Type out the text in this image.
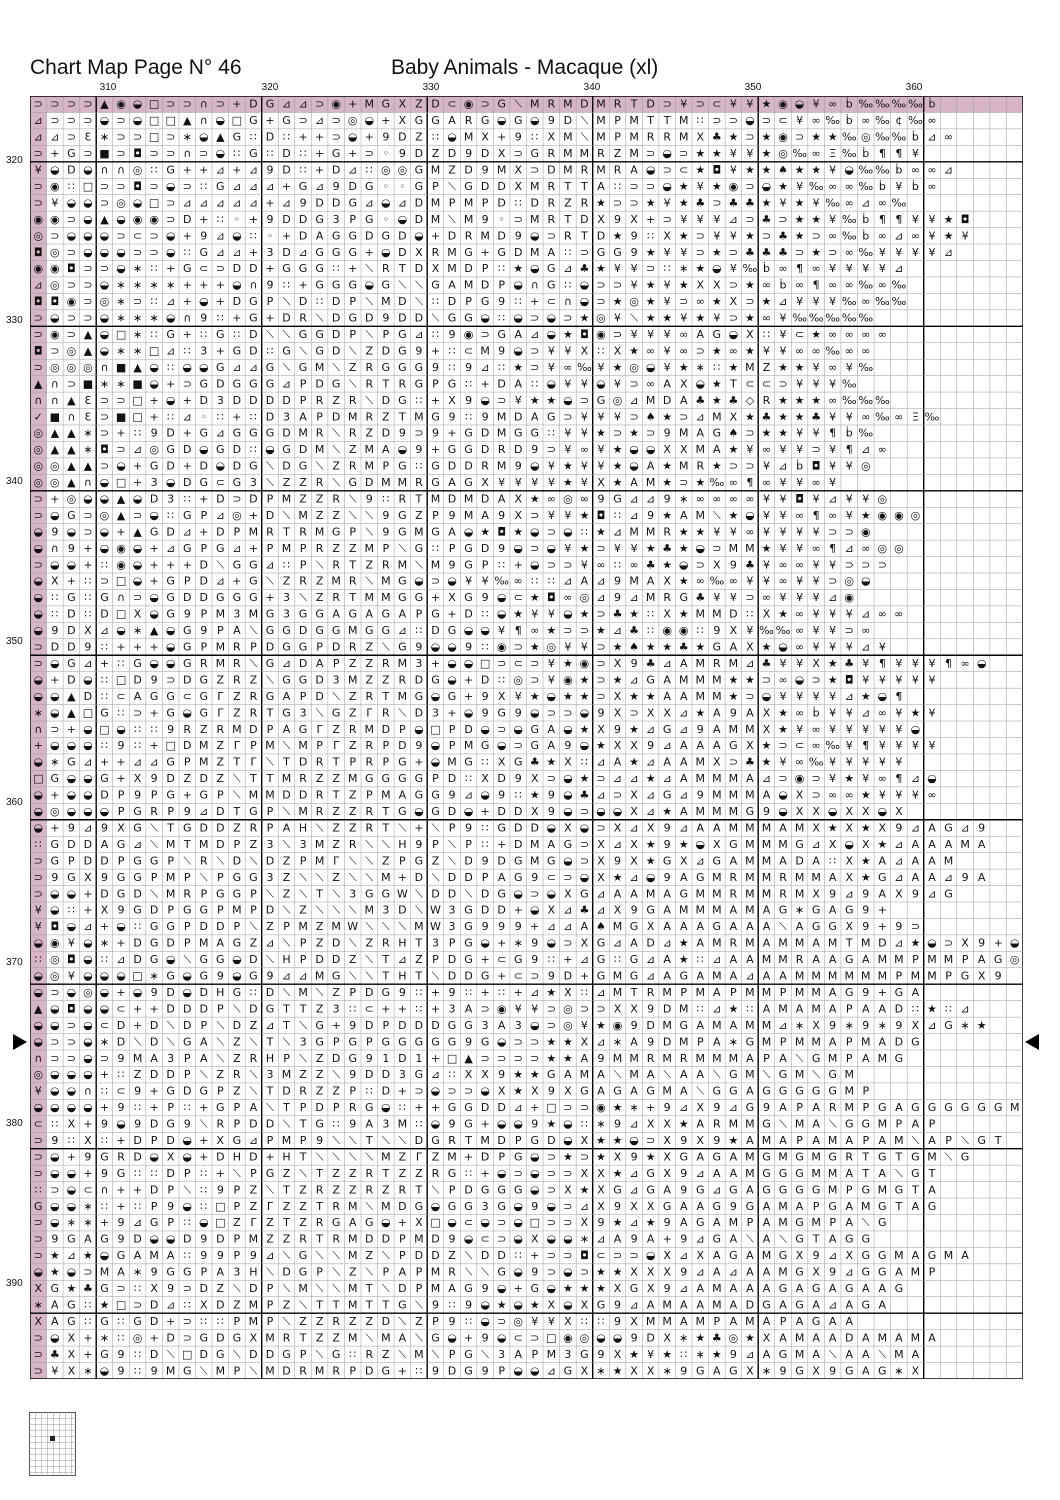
Chart Map Page N° 46	Baby Animals - Macaque (xl)
310	320	330	340	350	360
320
330
340
350
360
370
380
390
⊃ ⊃ ⊃ ⊃ ▲ ◉ ◒ □ ⊃ ⊃ ∩ ⊃ + D G ⊿ ⊿ ⊃ ◉ + M G Ⅹ Z D ⊂ ◉ ⊃ G ⟍ M R M D M R T D ⊃ ¥ ⊃ ⊂ ¥ ¥ ★ ◉ ◒ ¥ ∞ ḃ ‰ ‰ ‰ ‰ ḃ
⊿ ⊃ ⊃ ⊃ ◒ ⊃ ◒ □ □ ▲ ∩ ◒ □ G + G ⊃ ⊿ ⊃ ◎ ◒ + Ⅹ G G A R G ◒ G ◒ 9 D ⟍ M P M T T M ∷ ⊃ ⊃ ◒ ⊃ ⊂ ¥ ∞ ‰ ḃ ∞ ‰ ¢ ‰ ∞
⊿ ⊿ ⊃ Ɛ ∗ ⊃ ⊃ □ ⊃ ∗ ◒ ▲ G ∷ D ∷ + + ⊃ ◒ + 9 D Z ∷ ◒ M Ⅹ + 9 ∷ Ⅹ M ⟍ M P M R R M Ⅹ ♣ ★ ⊃ ★ ◉ ⊃ ★ ★ ‰ ◎ ‰ ‰ ḃ ⊿ ∞
⊃ + G ⊃ ■ ⊃ ◘ ⊃ ⊃ ∩ ⊃ ◒ ∷ G ∷ D ∷ + G + ⊃ ◦ 9 D Z D 9 D Ⅹ ⊃ G R M M R Z M ⊃ ◒ ⊃ ★ ★ ¥ ¥ ★ ◎ ‰ ∞ Ξ ‰ ḃ ¶ ¶ ¥
¥ ◒ D ◒ ∩ ∩ ◎ ∷ G + + ⊿ + ⊿ 9 D ∷ + D ⊿ ∷ ◎ ◎ G M Z D 9 M Ⅹ ⊃ D M R M R A ◒ ⊃ ⊂ ★ ◘ ¥ ★ ★ ♠ ★ ★ ¥ ◒ ‰ ‰ ḃ ∞ ∞ ⊿
⊃ ◉ ∷ □ ⊃ ⊃ ◘ ⊃ ◒ ⊃ ∷ G ⊿ ⊿ ⊿ + G ⊿ 9 D G ◦ ◦ G P ⟍ G D D Ⅹ M R T T A ∷ ⊃ ⊃ ◒ ★ ¥ ★ ◉ ⊃ ◒ ★ ¥ ‰ ∞ ∞ ‰ ḃ ¥ ḃ ∞
⊃ ¥ ◒ ◒ ⊃ ◎ ◒ □ ⊃ ⊿ ⊿ ⊿ ⊿ ⊿ + ⊿ 9 D D G ⊿ ◒ ⊿ D M P M P D ∷ D R Z R ★ ⊃ ⊃ ★ ¥ ★ ♣ ⊃ ♣ ♣ ★ ¥ ★ ¥ ‰ ∞ ⊿ ∞ ‰
◉ ◉ ⊃ ◒ ▲ ◒ ◉ ◉ ⊃ D + ∷ ◦ + 9 D D G 3 P G ◦ ◒ D M ⟍ M 9 ◦ ⊃ M R T D Ⅹ 9 Ⅹ + ⊃ ¥ ¥ ¥ ⊿ ⊃ ♣ ⊃ ★ ★ ¥ ‰ ḃ ¶ ¶ ¥ ¥ ★ ◘
◎ ⊃ ◒ ◒ ◒ ⊃ ⊂ ⊃ ◒ + 9 ⊿ ◒ ∷ ◦ + D A G G D G D ◒ + D R M D 9 ◒ ⊃ R T D ★ 9 ∷ Ⅹ ★ ⊃ ¥ ¥ ★ ⊃ ♣ ★ ⊃ ∞ ‰ ḃ ∞ ⊿ ∞ ¥ ★ ¥
◘ ◎ ⊃ ◒ ◒ ◒ ⊃ ⊃ ◒ ∷ G ⊿ ⊿ + 3 D ⊿ G G G + ◒ D Ⅹ R M G + G D M A ∷ ⊃ G G 9 ★ ¥ ¥ ⊃ ★ ⊃ ♣ ♣ ♣ ⊃ ★ ⊃ ∞ ‰ ¥ ¥ ¥ ¥ ⊿
◉ ◉ ◘ ⊃ ⊃ ◒ ∗ ∷ + G ⊂ ⊃ D D + G G G ∷ + ⟍ R T D Ⅹ M D P ∷ ★ ◒ G ⊿ ♣ ★ ¥ ¥ ⊃ ∷ ∗ ★ ◒ ¥ ‰ ḃ ∞ ¶ ∞ ¥ ¥ ¥ ¥ ⊿
⊿ ◎ ⊃ ⊃ ◒ ∗ ∗ ∗ ∗ + + + ◒ ∩ 9 ∷ + G G G ◒ G ⟍ ⟍ G A M D P ◒ ∩ G ∷ ◒ ⊃ ⊃ ¥ ★ ¥ ★ Ⅹ Ⅹ ⊃ ★ ∞ ḃ ∞ ¶ ∞ ∞ ‰ ∞ ‰
◘ ◘ ◉ ⊃ ◎ ∗ ⊃ ∷ ⊿ + ◒ + D G P ⟍ D ∷ D P ⟍ M D ⟍ ∷ D P G 9 ∷ + ⊂ ∩ ◒ ⊃ ★ ◎ ★ ¥ ⊃ ∞ ★ Ⅹ ⊃ ★ ⊿ ¥ ¥ ¥ ‰ ∞ ‰ ‰
⊃ ◒ ⊃ ⊃ ◒ ∗ ∗ ∗ ◒ ∩ 9 ∷ + G + D R ⟍ D G D 9 D D ⟍ G G ◒ ∷ ◒ ⊃ ◒ ⊃ ★ ◎ ¥ ⟍ ★ ★ ¥ ★ ¥ ⊃ ★ ∞ ¥ ‰ ‰ ‰ ‰ ‰
⊃ ◉ ⊃ ▲ ◒ □ ∗ ∷ G + ∷ G ∷ D ⟍ ⟍ G G D P ⟍ P G ⊿ ∷ 9 ◉ ⊃ G A ⊿ ◒ ★ ◘ ◉ ⊃ ¥ ¥ ¥ ∞ A G ◒ Ⅹ ∷ ¥ ⊂ ★ ∞ ∞ ∞ ∞
◘ ⊃ ◎ ▲ ◒ ∗ ∗ □ ⊿ ∷ 3 + G D ∷ G ⟍ G D ⟍ Z D G 9 + ∷ ⊂ M 9 ◒ ⊃ ¥ ¥ Ⅹ ∷ Ⅹ ★ ∞ ¥ ∞ ⊃ ★ ∞ ★ ¥ ¥ ∞ ∞ ‰ ∞ ∞
⊃ ◎ ◎ ◎ ∩ ■ ▲ ◒ ∷ ◒ ◒ G ⊿ ⊿ G ⟍ G M ⟍ Z R G G G 9 ∷ 9 ⊿ ∷ ★ ⊃ ¥ ∞ ‰ ¥ ★ ◎ ◒ ¥ ★ ∗ ∷ ★ M Z ★ ★ ¥ ∞ ¥ ‰
▲ ∩ ⊃ ■ ∗ ∗ ■ ◒ + ⊃ G D G G G ⊿ P D G ⟍ R T R G P G ∷ + D A ∷ ◒ ¥ ¥ ◒ ¥ ⊃ ∞ A Ⅹ ◒ ★ T ⊂ ⊂ ⊃ ¥ ¥ ¥ ‰
∩ ∩ ▲ Ɛ ⊃ ⊃ □ + ◒ + D 3 D D D D P R Z R ⟍ D G ∷ + Ⅹ 9 ◒ ⊃ ¥ ★ ★ ◒ ⊃ G ◎ ⊿ M D A ♣ ★ ♣ ◇ R ★ ★ ★ ∞ ‰ ‰ ‰
✓ ■ ∩ Ɛ ⊃ ■ □ + ∷ ⊿ ◦ ∷ + ∷ D 3 A P D M R Z T M G 9 ∷ 9 M D A G ⊃ ¥ ¥ ¥ ⊃ ♠ ★ ⊃ ⊿ M Ⅹ ★ ♣ ★ ★ ♣ ¥ ¥ ∞ ‰ ∞ Ξ ‰
◎ ▲ ▲ ∗ ⊃ + ∷ 9 D + G ⊿ G G G D M R ⟍ R Z D 9 ⊃ 9 + G D M G G ∷ ¥ ¥ ★ ⊃ ★ ⊃ 9 M A G ♠ ⊃ ★ ★ ¥ ¥ ¶ ḃ ‰
◎ ▲ ▲ ∗ ◘ ⊃ ⊿ ◎ G D ◒ G D ∷ ◒ G D M ⟍ Z M A ◒ 9 + G G D R D 9 ⊃ ¥ ∞ ¥ ★ ◒ ◒ Ⅹ Ⅹ M A ★ ¥ ∞ ¥ ¥ ⊃ ¥ ¶ ⊿ ∞
◎ ◎ ▲ ▲ ⊃ ◒ + G D + D ◒ D G ⟍ D G ⟍ Z R M P G ∷ G D D R M 9 ◒ ¥ ★ ¥ ¥ ★ ◒ A ★ M R ★ ⊃ ⊃ ¥ ⊿ ḃ ◘ ¥ ¥ ◎
◎ ◎ ▲ ∩ ◒ □ + 3 ◒ D G ⊂ G 3 ⟍ Z Z R ⟍ G D M M R G A G Ⅹ ¥ ¥ ¥ ¥ ★ ¥ Ⅹ ★ A M ★ ⊃ ★ ‰ ∞ ¶ ∞ ¥ ¥ ∞ ¥
⊃ + ◎ ◒ ◒ ▲ ◒ D 3 ∷ + D ⊃ D P M Z Z R ⟍ 9 ∷ R T M D M D A Ⅹ ★ ∞ ◎ ∞ 9 G ⊿ ⊿ 9 ∗ ∞ ∞ ∞ ∞ ¥ ¥ ◘ ¥ ⊿ ¥ ¥ ◎
⊃ ◒ G ⊃ ◎ ▲ ⊃ ◒ ∷ G P ⊿ ◎ + D ⟍ M Z Z ⟍ ⟍ 9 G Z P 9 M A 9 Ⅹ ⊃ ¥ ¥ ★ ◘ ∷ ⊿ 9 ★ A M ⟍ ★ ◒ ¥ ¥ ∞ ¶ ∞ ¥ ★ ◉ ◉ ◎
◒ 9 ◒ ⊃ ◒ + ▲ G D ⊿ + D P M R T R M G P ⟍ 9 G M G A ◒ ★ ◘ ★ ◒ ⊃ ◒ ∷ ★ ⊿ M M R ★ ★ ¥ ¥ ∞ ¥ ¥ ¥ ¥ ⊃ ⊃ ◉
◒ ∩ 9 + ◒ ◉ ◒ + ⊿ G P G ⊿ + P M P R Z Z M P ⟍ G ∷ P G D 9 ◒ ⊃ ◒ ¥ ★ ⊃ ¥ ¥ ★ ♣ ★ ◒ ⊃ M M ★ ¥ ¥ ∞ ¶ ⊿ ∞ ◎ ◎
⊃ ◒ ◒ + ∷ ◉ ◒ + + + D ⟍ G G ⊿ ∷ P ⟍ R T Z R M ⟍ M 9 G P ∷ + ◒ ⊃ ⊃ ¥ ∞ ∷ ∞ ♣ ★ ◒ ⊃ Ⅹ 9 ♣ ¥ ∞ ∞ ¥ ¥ ⊃ ⊃ ⊃
◒ Ⅹ + ∷ ⊃ □ ◒ + G P D ⊿ + G ⟍ Z R Z M R ⟍ M G ◒ ⊃ ◒ ¥ ¥ ‰ ∞ ∷ ∷ ⊿ A ⊿ 9 M A Ⅹ ★ ∞ ‰ ∞ ¥ ¥ ∞ ¥ ¥ ⊃ ◎ ◒
◒ ∷ G ∷ G ∩ ⊃ ◒ G D D G G G + 3 ⟍ Z R T M M G G + Ⅹ G 9 ◒ ⊂ ★ ◘ ∞ ◎ ⊿ 9 ⊿ M R G ♣ ¥ ¥ ⊃ ∞ ¥ ¥ ¥ ⊿ ◉
◒ ∷ D ∷ D □ Ⅹ ◒ G 9 P M 3 M G 3 G G A G A G A P G + D ∷ ◒ ★ ¥ ¥ ◒ ★ ⊃ ♣ ★ ∷ Ⅹ ★ M M D ∷ Ⅹ ★ ∞ ¥ ¥ ¥ ⊿ ∞ ∞
◒ 9 D Ⅹ ⊿ ◒ ∗ ▲ ◒ G 9 P A ⟍ G G D G G M G G ⊿ ∷ D G ◒ ◒ ¥ ¶ ∞ ★ ⊃ ⊃ ★ ⊿ ♣ ∷ ◉ ◉ ∷ 9 Ⅹ ¥ ‰ ‰ ∞ ¥ ¥ ⊃ ∞
⊃ D D 9 ∷ + + + ◒ G P M R P D G G P D R Z ⟍ G 9 ◒ ◒ 9 ∷ ◉ ⊃ ★ ◎ ¥ ¥ ⊃ ★ ♠ ★ ★ ♣ ★ G A Ⅹ ★ ◒ ∞ ¥ ¥ ¥ ⊿ ¥
⊃ ◒ G ⊿ + ∷ G ◒ ◒ G R M R ⟍ G ⊿ D A P Z Z R M 3 + ◒ ◒ □ ⊃ ⊂ ⊃ ¥ ★ ◉ ⊃ Ⅹ 9 ♣ ⊿ A M R M ⊿ ♣ ¥ ¥ Ⅹ ★ ♣ ¥ ¶ ¥ ¥ ¥ ¶ ∞ ◒
◒ + D ◒ ∷ □ D 9 ⊃ D G Z R Z ⟍ G G D 3 M Z Z R D G ◒ + D ∷ ◎ ⊃ ¥ ◉ ★ ⊃ ★ ⊿ G A M M M ★ ★ ⊃ ∞ ◒ ⊃ ★ ◘ ¥ ¥ ¥ ¥ ¥
◒ ◒ ▲ D ∷ ⊂ A G G ⊂ G Γ Z R G A P D ⟍ Z R T M G ◒ G + 9 Ⅹ ¥ ★ ◒ ★ ★ ⊃ Ⅹ ★ ★ A A M M ★ ⊃ ◒ ¥ ¥ ¥ ¥ ⊿ ★ ◒ ¶
∗ ◒ ▲ □ G ∷ ⊃ + G ◒ G Γ Z R T G 3 ⟍ G Z Γ R ⟍ D 3 + ◒ 9 G 9 ◒ ⊃ ⊃ ◒ 9 Ⅹ ⊃ Ⅹ Ⅹ ⊿ ★ A 9 A Ⅹ ★ ∞ ḃ ¥ ¥ ⊿ ∞ ¥ ★ ¥
∩ ⊃ + ◒ □ ◒ ∷ ∷ 9 R Z R M D P A G Γ Z R M D P ◒ □ P D ◒ ⊃ ◒ G A ◒ ★ Ⅹ 9 ★ ⊿ G ⊿ 9 A M M Ⅹ ★ ¥ ∞ ¥ ¥ ¥ ¥ ¥ ◒
+ ◒ ◒ ◒ ∷ 9 ∷ + □ D M Z Γ P M ⟍ M P Γ Z R P D 9 ◒ P M G ◒ ⊃ G A 9 ◒ ★ Ⅹ Ⅹ 9 ⊿ A A A G Ⅹ ★ ⊃ ⊂ ∞ ‰ ¥ ¶ ¥ ¥ ¥ ¥
◒ ∗ G ⊿ + + ⊿ ⊿ G P M Z T Γ ⟍ T D R T P R P G + ◒ M G ∷ Ⅹ G ♣ ★ Ⅹ ∷ ⊿ A ★ ⊿ A A M Ⅹ ⊃ ♣ ★ ¥ ∞ ‰ ¥ ¥ ¥ ¥ ¥
□ G ◒ ◒ G + Ⅹ 9 D Z D Z ⟍ T T M R Z Z M G G G G P D ∷ Ⅹ D 9 Ⅹ ⊃ ◒ ★ ⊃ ⊿ ⊿ ★ ⊿ A M M M A ⊿ ⊃ ◉ ⊃ ¥ ★ ¥ ∞ ¶ ⊿ ◒
◒ + ◒ ◒ D P 9 P G + G P ⟍ M M D D R T Z P M A G G 9 ⊿ ◒ 9 ∷ ★ 9 ◒ ♣ ⊿ ⊃ Ⅹ ⊿ G ⊿ 9 M M M A ◒ Ⅹ ⊃ ∞ ∞ ★ ¥ ¥ ¥ ∞
◒ ◎ ◒ ◒ ◒ P G R P 9 ⊿ D T G P ⟍ M R Z Z R T G ◒ G D ◒ + D D Ⅹ 9 ◒ ⊃ ◒ ◒ Ⅹ ⊿ ★ A M M M G 9 ◒ Ⅹ Ⅹ ◒ Ⅹ Ⅹ ◒ Ⅹ
◒ + 9 ⊿ 9 Ⅹ G ⟍ T G D D Z R P A H ⟍ Z Z R T ⟍ + ⟍ P 9 ∷ G D D ◒ Ⅹ ◒ ⊃ Ⅹ ⊿ Ⅹ 9 ⊿ A A M M M A M Ⅹ ★ Ⅹ ★ Ⅹ 9 ⊿ A G ⊿ 9
∷ G D D A G ⊿ ⟍ M T M D P Z 3 ⟍ 3 M Z R ⟍ ⟍ H 9 P ⟍ P ∷ + D M A G ⊃ Ⅹ ⊿ Ⅹ ★ 9 ★ ◒ Ⅹ G M M M G ⊿ Ⅹ ◒ Ⅹ ★ ⊿ A A A M A
⊃ G P D D P G G P ⟍ R ⟍ D ⟍ D Z P M Γ ⟍ ⟍ Z P G Z ⟍ D 9 D G M G ◒ ⊃ Ⅹ 9 Ⅹ ★ G Ⅹ ⊿ G A M M A D A ∷ Ⅹ ★ A ⊿ A A M
⊃ 9 G Ⅹ 9 G G P M P ⟍ P G G 3 Z ⟍ ⟍ Z ⟍ ⟍ M + D ⟍ D D P A G 9 ⊂ ⊃ ◒ Ⅹ ★ ⊿ ◒ 9 A G M R M M R M M A Ⅹ ★ G ⊿ A A ⊿ 9 A
⊃ ◒ ◒ + D G D ⟍ M R P G G P ⟍ Z ⟍ T ⟍ 3 G G W ⟍ D D ⟍ D G ◒ ⊃ ◒ Ⅹ G ⊿ A A M A G M M R M M R M Ⅹ 9 ⊿ 9 A Ⅹ 9 ⊿ G
¥ ◒ ∷ + Ⅹ 9 G D P G G P M P D ⟍ Z ⟍ ⟍ ⟍ M 3 D ⟍ W 3 G D D + ◒ Ⅹ ⊿ ♣ ⊿ Ⅹ 9 G A M M M A M A G ∗ G A G 9 +
¥ ◘ ◒ ⊿ + ◒ ∷ G G P D D P ⟍ Z P M Z M W ⟍ ⟍ ⟍ M W 3 G 9 9 9 + ⊿ ⊿ A ♠ M G Ⅹ A A A G A A A ⟍ A G G Ⅹ 9 + 9 ⊃
◒ ◉ ¥ ◒ ∗ + D G D P M A G Z ⊿ ⟍ P Z D ⟍ Z R H T 3 P G ◒ + ∗ 9 ◒ ⊃ Ⅹ G ⊿ A D ⊿ ★ A M R M A M M A M T M D ⊿ ★ ◒ ⊃ Ⅹ 9 + ◒
∷ ◎ ◘ ◒ ∷ ⊿ D G ◒ ⟍ G G ◒ D ⟍ H P D D Z ⟍ T ⊿ Z P D G + ⊂ G 9 ∷ + ⊿ G ∷ G ⊿ A ★ ∷ ⊿ A A M M R A A G A M M P M M P A G ◎
◒ ◎ ¥ ◒ ◒ ◒ □ ∗ G ◒ G 9 ◒ G 9 ⊿ ⊿ M G ⟍ ⟍ T H T ⟍ D D G + ⊂ ⊃ 9 D + G M G ⊿ A G A M A ⊿ A A M M M M M M P M M P G Ⅹ 9
◒ ⊃ ◒ ◎ ◒ + ◒ 9 D ◒ D H G ∷ D ⟍ M ⟍ Z P D G 9 ∷ + 9 ∷ + ∷ + ⊿ ★ Ⅹ ∷ ⊿ M T R M P M A P M M P M M A G 9 + G A
▲ ◒ ◘ ◒ ◒ ⊂ + + D D D P ⟍ D G T T Z 3 ∷ ⊂ + + ∷ + 3 A ⊃ ◉ ¥ ¥ ⊃ ◎ ⊃ ⊃ Ⅹ Ⅹ 9 D M ∷ ⊿ ★ ∷ A M A M A P A A D ∷ ★ ∷ ⊿
◒ ◒ ⊃ ◒ ⊂ D + D ⟍ D P ⟍ D Z ⊿ T ⟍ G + 9 D P D D D G G 3 A 3 ◒ ⊃ ◎ ¥ ★ ◉ 9 D M G A M A M M ⊿ ∗ Ⅹ 9 ∗ 9 ∗ 9 Ⅹ ⊿ G ∗ ★
◒ ⊃ ⊃ ◒ ∗ D ⟍ D ⟍ G A ⟍ Z ⟍ T ⟍ 3 G P G P G G G G G 9 G ◒ ⊃ ⊃ ★ ★ Ⅹ ⊿ ∗ A 9 D M P A ∗ G M P M M A P M A D G
∩ ⊃ ⊃ ◒ ⊃ 9 M A 3 P A ⟍ Z R H P ⟍ Z D G 9 1 D 1 + □ ▲ ⊃ ⊃ ⊃ ⊃ ★ ★ A 9 M M R M R M M M A P A ⟍ G M P A M G
◎ ◒ ◒ ◒ + ∷ Z D D P ⟍ Z R ⟍ 3 M Z Z ⟍ 9 D D 3 G ⊿ ∷ Ⅹ Ⅹ 9 ★ ★ G A M A ⟍ M A ⟍ A A ⟍ G M ⟍ G M ⟍ G M
¥ ◒ ◒ ∩ ∷ ⊂ 9 + G D G P Z ⟍ T D R Z Z P ∷ D + ⊃ ◒ ⊃ ⊃ ◒ Ⅹ ★ Ⅹ 9 Ⅹ G A G A G M A ⟍ G G A G G G G G M P
◒ ◒ ◒ ◒ + 9 ∷ + P ∷ + G P A ⟍ T P D P R G ◒ ∷ + + G G D D ⊿ + □ ⊃ ⊃ ◉ ★ ∗ + 9 ⊿ Ⅹ 9 ⊿ G 9 A P A R M P G A G G G G G G M
⊂ ∷ Ⅹ + 9 ◒ 9 D G 9 ⟍ R P D D ⟍ T G ∷ 9 A 3 M ∷ ◒ 9 G + ◒ ◒ 9 ★ ◒ ∷ ∗ 9 ⊿ Ⅹ Ⅹ ★ A R M M G ⟍ M A ⟍ G G M P A P
⊃ 9 ∷ Ⅹ ∷ + D P D ◒ + Ⅹ G ⊿ P M P 9 ⟍ ⟍ T ⟍ ⟍ D G R T M D P G D ◒ Ⅹ ★ ★ ◒ ⊃ Ⅹ 9 Ⅹ 9 ★ A M A P A M A P A M ⟍ A P ⟍ G T
⊃ ◒ + 9 G R D ◒ Ⅹ ◒ + D H D + H T ⟍ ⟍ ⟍ ⟍ M Z Γ Z M + D P G ◒ ⊃ ★ ⊃ ★ Ⅹ 9 ★ Ⅹ G A G A M G M G M G R T G T G M ⟍ G
⊃ ◒ ◒ + 9 G ∷ ∷ D P ∷ + ⟍ P G Z ⟍ T Z Z R T Z Z R G ∷ + ◒ ⊃ ◒ ⊃ ⊃ Ⅹ Ⅹ ★ ⊿ G Ⅹ 9 ⊿ A A M G G G M M A T A ⟍ G T
∷ ⊃ ◒ ⊂ ∩ + + D P ⟍ ∷ 9 P Z ⟍ T Z R Z Z R Z R T ⟍ P D G G G ◒ ⊃ Ⅹ ★ Ⅹ G ⊿ G A 9 G ⊿ G A G G G G M P G M G T A
G ◒ ◒ ∗ ∷ + ∷ P 9 ◒ ∷ □ P Z Γ Z Z T R M ⟍ M D G ◒ G G 3 G ◒ 9 ◒ ⊃ ⊿ Ⅹ 9 Ⅹ Ⅹ G A A G 9 G A M A P G A M G T A G
⊃ ◒ ∗ ∗ + 9 ⊿ G P ∷ ◒ □ Z Γ Z T Z R G A G ◒ + Ⅹ □ ◒ ⊂ ◒ ⊃ ◒ □ ⊃ ⊃ Ⅹ 9 ★ ⊿ ★ 9 A G A M P A M G M P A ⟍ G
⊃ 9 G A G 9 D ◒ ◒ D 9 D P M Z Z R T R M D D P M D 9 ◒ ⊂ ⊃ ◒ Ⅹ ◒ ◒ ∗ ⊿ A 9 A + 9 ⊿ G A ⟍ A ⟍ G T A G G
⊃ ★ ⊿ ★ ◒ G A M A ∷ 9 9 P 9 ⊿ ⟍ G ⟍ ⟍ M Z ⟍ P D D Z ⟍ D D ∷ + ⊃ ⊃ ◘ ⊂ ⊃ ⊃ ◒ Ⅹ ⊿ Ⅹ A G A M G Ⅹ 9 ⊿ Ⅹ G G M A G M A
◒ ★ ◒ ⊃ M A ∗ 9 G G P A 3 H ⟍ D G P ⟍ Z ⟍ P A P M R ⟍ ⟍ G ◒ 9 ⊃ ◒ ⊃ ★ ★ Ⅹ Ⅹ Ⅹ 9 ⊿ A ⊿ A A M G Ⅹ 9 ⊿ G G A M P
Ⅹ G ★ ♣ G ⊃ ∷ Ⅹ 9 ⊃ D Z ⟍ D P ⟍ M ⟍ ⟍ M T ⟍ D P M A G 9 ◒ + G ◒ ★ ★ ★ Ⅹ G Ⅹ 9 ⊿ A M A A A G A G A G A A G
∗ A G ∷ ★ □ ⊃ D ⊿ ∷ Ⅹ D Z M P Z ⟍ T T M T T G ⟍ 9 ∷ 9 ◒ ★ ◒ ★ Ⅹ ◒ Ⅹ G 9 ⊿ A M A A M A D G A G A ⊿ A G A
Ⅹ A G ∷ G ∷ G D + ⊃ ∷ ∷ P M P ⟍ Z Z R Z Z D ⟍ Z P 9 ∷ ◒ ⊃ ◎ ¥ ¥ Ⅹ ∷ ∷ 9 Ⅹ M M A M P A M A P A G A A
⊃ ◒ Ⅹ + ∗ ∷ ◎ + D ⊃ G D G Ⅹ M R T Z Z M ⟍ M A ⟍ G ◒ + 9 ◒ ⊂ ⊃ □ ◉ ◎ ◒ ◒ 9 D Ⅹ ∗ ★ ♣ ◎ ★ Ⅹ A M A A D A M A M A
⊃ ♣ Ⅹ + G 9 ∷ D ⟍ □ D G ⟍ D D G P ⟍ G ∷ R Z ⟍ M ⟍ P G ⟍ 3 A P M 3 G 9 Ⅹ ★ ¥ ★ ∷ ∗ ★ 9 ⊿ A G M A ⟍ A A ⟍ M A
⊃ ¥ Ⅹ ∗ ◒ 9 ∷ 9 M G ⟍ M P ⟍ M D R M R P D G + ∷ 9 D G 9 P ◒ ◒ ⊿ G Ⅹ ∗ ★ Ⅹ Ⅹ ∗ 9 G A G Ⅹ ∗ 9 G Ⅹ 9 G A G ∗ Ⅹ
